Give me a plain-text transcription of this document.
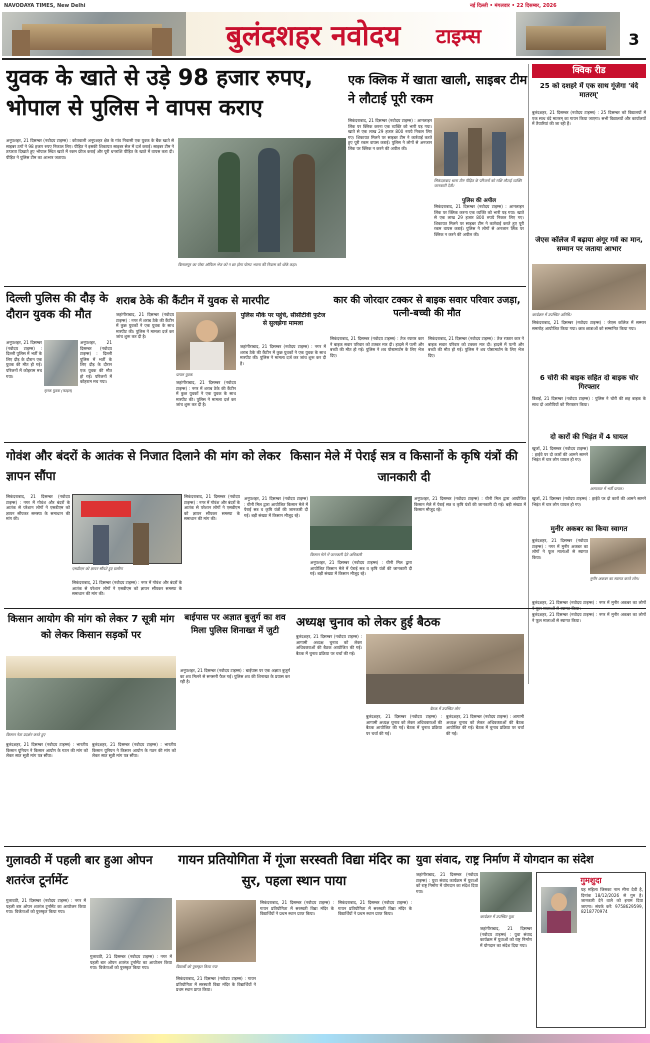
NAVODAYA TIMES, New Delhi	नई दिल्ली • मंगलवार • 22 दिसम्बर, 2026
बुलंदशहर नवोदय टाइम्स	3
युवक के खाते से उड़े 98 हजार रुपए, भोपाल से पुलिस ने वापस कराए
बिलासपुर का पोस्ट ऑफिस भेज को न छा होगा पोसट भवना की निवास को धोके कहा।
अनूपशहर, 21 दिसम्बर (नवोदय टाइम्स) : कोतवाली अनूपशहर क्षेत्र के गांव निवासी एक युवक के बैंक खाते से साइबर ठगों ने 98 हजार रुपए निकाल लिए। पीड़ित ने इसकी शिकायत साइबर सेल में दर्ज कराई। साइबर टीम ने तत्परता दिखाते हुए भोपाल स्थित खाते में रकम फ्रीज कराई और पूरी धनराशि पीड़ित के खाते में वापस करा दी। पीड़ित ने पुलिस टीम का आभार जताया।
एक क्लिक में खाता खाली, साइबर टीम ने लौटाई पूरी रकम
सिकंदराबाद, 21 दिसम्बर (नवोदय टाइम्स) : आनलाइन लिंक पर क्लिक करना एक व्यक्ति को भारी पड़ गया। खाते से एक लाख 29 हजार 800 रुपये निकल लिए गए। शिकायत मिलने पर साइबर टीम ने कार्रवाई करते हुए पूरी रकम वापस कराई। पुलिस ने लोगों से अनजान लिंक पर क्लिक न करने की अपील की।
सिकंदराबाद थाना टीम पीड़ित के परिजनों को राशि लौटाई व्यक्ति जानकारी देती।
पुलिस की अपील
सिकंदराबाद, 21 दिसम्बर (नवोदय टाइम्स) : आनलाइन लिंक पर क्लिक करना एक व्यक्ति को भारी पड़ गया। खाते से एक लाख 29 हजार 800 रुपये निकल लिए गए। शिकायत मिलने पर साइबर टीम ने कार्रवाई करते हुए पूरी रकम वापस कराई। पुलिस ने लोगों से अनजान लिंक पर क्लिक न करने की अपील की।
क्विक रीड
25 को दशहरे में एक साथ गूंजेगा 'वंदे मातरम्'
बुलंदशहर, 21 दिसम्बर (नवोदय टाइम्स) : 25 दिसम्बर को विद्यालयों में एक साथ वंदे मातरम् का गायन किया जाएगा। सभी विद्यालयों और कार्यालयों में तैयारियां की जा रही हैं।
जेएस कॉलेज में बढ़ाया अंगूर गर्व का मान, सम्मान पर जताया आभार
कार्यक्रम में उपस्थित अतिथि।
सिकंदराबाद, 21 दिसम्बर (नवोदय टाइम्स) : जेएस कॉलेज में सम्मान समारोह आयोजित किया गया। छात्र छात्राओं को सम्मानित किया गया।
6 चोरी की बाइक सहित दो बाइक चोर गिरफ्तार
डिबाई, 21 दिसम्बर (नवोदय टाइम्स) : पुलिस ने चोरी की छह बाइक के साथ दो आरोपियों को गिरफ्तार किया।
दो कारों की भिड़ंत में 4 घायल
खुर्जा, 21 दिसम्बर (नवोदय टाइम्स) : हाईवे पर दो कारों की आमने सामने भिड़ंत में चार लोग घायल हो गए।
अस्पताल में भर्ती घायल।
खुर्जा, 21 दिसम्बर (नवोदय टाइम्स) : हाईवे पर दो कारों की आमने सामने भिड़ंत में चार लोग घायल हो गए।
मुनीर अकबर का किया स्वागत
बुलंदशहर, 21 दिसम्बर (नवोदय टाइम्स) : नगर में मुनीर अकबर का लोगों ने फूल मालाओं से स्वागत किया।
मुनीर अकबर का स्वागत करते लोग।
बुलंदशहर, 21 दिसम्बर (नवोदय टाइम्स) : नगर में मुनीर अकबर का लोगों
दिल्ली पुलिस की दौड़ के दौरान युवक की मौत
अनूपशहर, 21 दिसम्बर (नवोदय टाइम्स) : दिल्ली पुलिस में भर्ती के लिए दौड़ के दौरान एक युवक की मौत हो गई। परिजनों में कोहराम मच गया।
मृतक युवक (फाइल)
अनूपशहर, 21 दिसम्बर (नवोदय टाइम्स) : दिल्ली पुलिस में भर्ती के लिए दौड़ के दौरान एक युवक की मौत हो गई। परिजनों में कोहराम मच गया।
शराब ठेके की कैंटीन में युवक से मारपीट
जहांगीराबाद, 21 दिसम्बर (नवोदय टाइम्स) : नगर में शराब ठेके की कैंटीन में कुछ युवकों ने एक युवक के साथ मारपीट की। पुलिस ने मामला दर्ज कर जांच शुरू कर दी है।
घायल युवक
जहांगीराबाद, 21 दिसम्बर (नवोदय टाइम्स) : नगर में शराब ठेके की कैंटीन में कुछ युवकों ने एक युवक के साथ मारपीट की। पुलिस ने मामला दर्ज कर जांच शुरू कर दी है।
पुलिस मौके पर पहुंचे, सीसीटीवी फुटेज से सुलझेगा मामला
जहांगीराबाद, 21 दिसम्बर (नवोदय टाइम्स) : नगर में शराब ठेके की कैंटीन में कुछ युवकों ने एक युवक के साथ मारपीट की। पुलिस ने मामला दर्ज कर जांच शुरू कर दी है।
कार की जोरदार टक्कर से बाइक सवार परिवार उजड़ा, पत्नी-बच्ची की मौत
सिकंदराबाद, 21 दिसम्बर (नवोदय टाइम्स) : तेज रफ्तार कार ने बाइक सवार परिवार को टक्कर मार दी। हादसे में पत्नी और बच्ची की मौत हो गई। पुलिस ने शव पोस्टमार्टम के लिए भेज दिए।
सिकंदराबाद, 21 दिसम्बर (नवोदय टाइम्स) : तेज रफ्तार कार ने बाइक सवार परिवार को टक्कर मार दी। हादसे में पत्नी और बच्ची की मौत हो गई। पुलिस ने शव पोस्टमार्टम के लिए भेज दिए।
गोवंश और बंदरों के आतंक से निजात दिलाने की मांग को लेकर ज्ञापन सौंपा
सिकंदराबाद, 21 दिसम्बर (नवोदय टाइम्स) : नगर में गोवंश और बंदरों के आतंक से परेशान लोगों ने एसडीएम को ज्ञापन सौंपकर समस्या के समाधान की मांग की।
एसडीएम को ज्ञापन सौंपते हुए ग्रामीण
सिकंदराबाद, 21 दिसम्बर (नवोदय टाइम्स) : नगर में गोवंश और बंदरों के आतंक से परेशान लोगों ने एसडीएम को ज्ञापन सौंपकर समस्या के समाधान की मांग की।
सिकंदराबाद, 21 दिसम्बर (नवोदय टाइम्स) : नगर में गोवंश और बंदरों के आतंक से परेशान लोगों ने एसडीएम को ज्ञापन सौंपकर समस्या के समाधान की मांग की।
किसान मेले में पेराई सत्र व किसानों के कृषि यंत्रों की जानकारी दी
अनूपशहर, 21 दिसम्बर (नवोदय टाइम्स) : चीनी मिल द्वारा आयोजित किसान मेले में पेराई सत्र व कृषि यंत्रों की जानकारी दी गई। बड़ी संख्या में किसान मौजूद रहे।
किसान मेले में जानकारी देते अधिकारी
अनूपशहर, 21 दिसम्बर (नवोदय टाइम्स) : चीनी मिल द्वारा आयोजित किसान मेले में पेराई सत्र व कृषि यंत्रों की जानकारी दी गई। बड़ी संख्या में किसान मौजूद रहे।
अनूपशहर, 21 दिसम्बर (नवोदय टाइम्स) : चीनी मिल द्वारा आयोजित किसान मेले में पेराई सत्र व कृषि यंत्रों की जानकारी दी गई। बड़ी संख्या में किसान मौजूद रहे।
किसान आयोग की मांग को लेकर 7 सूत्री मांग को लेकर किसान सड़कों पर
किसान नेता प्रदर्शन करते हुए
बुलंदशहर, 21 दिसम्बर (नवोदय टाइम्स) : भारतीय किसान यूनियन ने किसान आयोग के गठन की मांग को लेकर सात सूत्री मांग पत्र सौंपा।
बुलंदशहर, 21 दिसम्बर (नवोदय टाइम्स) : भारतीय किसान यूनियन ने किसान आयोग के गठन की मांग को लेकर सात सूत्री मांग पत्र सौंपा।
बाईपास पर अज्ञात बुजुर्ग का शव मिला पुलिस शिनाख्त में जुटी
अनूपशहर, 21 दिसम्बर (नवोदय टाइम्स) : बाईपास पर एक अज्ञात बुजुर्ग का शव मिलने से सनसनी फैल गई। पुलिस शव की शिनाख्त के प्रयास कर रही है।
अध्यक्ष चुनाव को लेकर हुई बैठक
बुलंदशहर, 21 दिसम्बर (नवोदय टाइम्स) : आगामी अध्यक्ष चुनाव को लेकर अधिवक्ताओं की बैठक आयोजित की गई। बैठक में चुनाव प्रक्रिया पर चर्चा की गई।
बैठक में उपस्थित लोग
बुलंदशहर, 21 दिसम्बर (नवोदय टाइम्स) : आगामी अध्यक्ष चुनाव को लेकर अधिवक्ताओं की बैठक आयोजित की गई। बैठक में चुनाव प्रक्रिया पर चर्चा की गई।
बुलंदशहर, 21 दिसम्बर (नवोदय टाइम्स) : आगामी अध्यक्ष चुनाव को लेकर अधिवक्ताओं की बैठक आयोजित की गई। बैठक में चुनाव प्रक्रिया पर चर्चा की गई।
बुलंदशहर, 21 दिसम्बर (नवोदय टाइम्स) : नगर में मुनीर अकबर का लोगों ने फूल मालाओं से स्वागत किया।
गुलावठी में पहली बार हुआ ओपन शतरंज टूर्नामेंट
गुलावठी, 21 दिसम्बर (नवोदय टाइम्स) : नगर में पहली बार ओपन शतरंज टूर्नामेंट का आयोजन किया गया। विजेताओं को पुरस्कृत किया गया।
गुलावठी, 21 दिसम्बर (नवोदय टाइम्स) : नगर में पहली बार ओपन शतरंज टूर्नामेंट का आयोजन किया गया। विजेताओं को पुरस्कृत किया गया।
गायन प्रतियोगिता में गूंजा सरस्वती विद्या मंदिर का सुर, पहला स्थान पाया
विद्यार्थी को पुरस्कृत किया गया
सिकंदराबाद, 21 दिसम्बर (नवोदय टाइम्स) : गायन प्रतियोगिता में सरस्वती विद्या मंदिर के विद्यार्थियों ने प्रथम स्थान प्राप्त किया।
सिकंदराबाद, 21 दिसम्बर (नवोदय टाइम्स) : गायन प्रतियोगिता में सरस्वती विद्या मंदिर के विद्यार्थियों ने प्रथम स्थान प्राप्त किया।
सिकंदराबाद, 21 दिसम्बर (नवोदय टाइम्स) : गायन प्रतियोगिता में सरस्वती विद्या मंदिर के विद्यार्थियों ने प्रथम स्थान प्राप्त किया।
युवा संवाद, राष्ट्र निर्माण में योगदान का संदेश
जहांगीराबाद, 21 दिसम्बर (नवोदय टाइम्स) : युवा संवाद कार्यक्रम में युवाओं को राष्ट्र निर्माण में योगदान का संदेश दिया गया।
कार्यक्रम में उपस्थित युवा
जहांगीराबाद, 21 दिसम्बर (नवोदय टाइम्स) : युवा संवाद कार्यक्रम में युवाओं को राष्ट्र निर्माण में योगदान का संदेश दिया गया।
गुमशुदा
यह महिला जिसका नाम मीना देवी है, दिनांक 18/12/2026 से गुम है। जानकारी देने वाले को इनाम दिया जाएगा। संपर्क करें: 9758629599, 8218770974
